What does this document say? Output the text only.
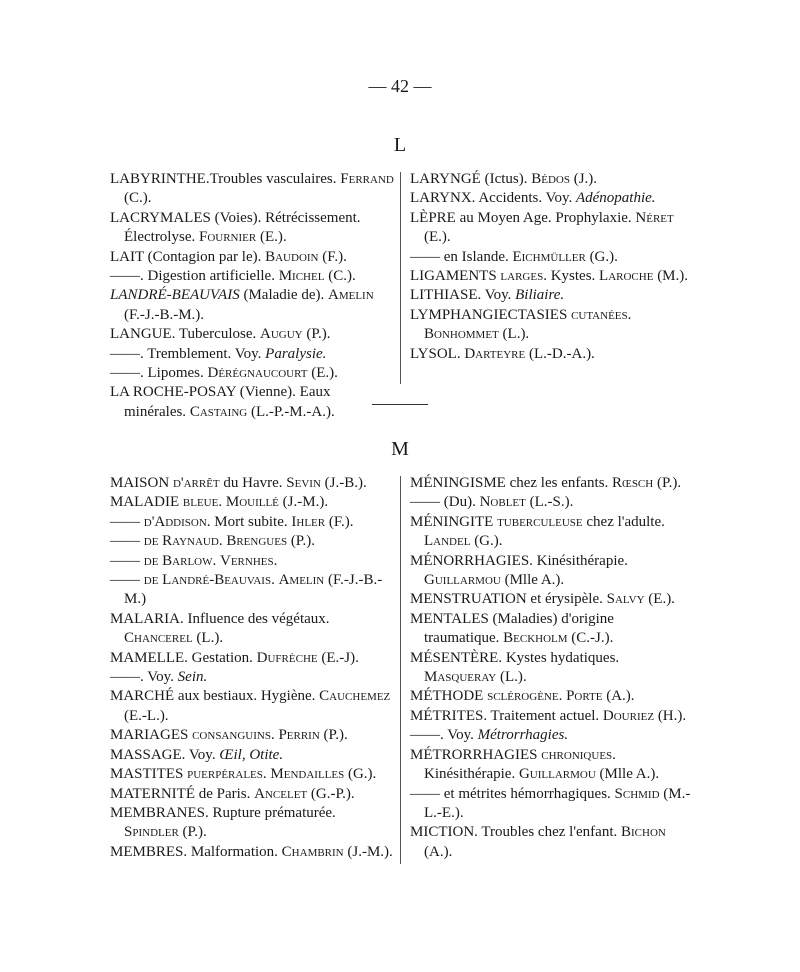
— 42 —
L
LABYRINTHE.Troubles vasculaires. Ferrand (C.).
LACRYMALES (Voies). Rétrécissement. Électrolyse. Fournier (E.).
LAIT (Contagion par le). Baudoin (F.).
——. Digestion artificielle. Michel (C.).
LANDRÉ-BEAUVAIS (Maladie de). Amelin (F.-J.-B.-M.).
LANGUE. Tuberculose. Auguy (P.).
——. Tremblement. Voy. Paralysie.
——. Lipomes. Dérégnaucourt (E.).
LA ROCHE-POSAY (Vienne). Eaux minérales. Castaing (L.-P.-M.-A.).
LARYNGÉ (Ictus). Bédos (J.).
LARYNX. Accidents. Voy. Adénopathie.
LÈPRE au Moyen Age. Prophylaxie. Néret (E.).
—— en Islande. Eichmüller (G.).
LIGAMENTS larges. Kystes. Laroche (M.).
LITHIASE. Voy. Biliaire.
LYMPHANGIECTASIES cutanées. Bonhommet (L.).
LYSOL. Darteyre (L.-D.-A.).
M
MAISON d'arrêt du Havre. Sevin (J.-B.).
MALADIE bleue. Mouillé (J.-M.).
—— d'Addison. Mort subite. Ihler (F.).
—— de Raynaud. Brengues (P.).
—— de Barlow. Vernhes.
—— de Landré-Beauvais. Amelin (F.-J.-B.-M.)
MALARIA. Influence des végétaux. Chancerel (L.).
MAMELLE. Gestation. Dufrèche (E.-J).
——. Voy. Sein.
MARCHÉ aux bestiaux. Hygiène. Cauchemez (E.-L.).
MARIAGES consanguins. Perrin (P.).
MASSAGE. Voy. Œil, Otite.
MASTITES puerpérales. Mendailles (G.).
MATERNITÉ de Paris. Ancelet (G.-P.).
MEMBRANES. Rupture prématurée. Spindler (P.).
MEMBRES. Malformation. Chambrin (J.-M.).
MÉNINGISME chez les enfants. Rœsch (P.).
—— (Du). Noblet (L.-S.).
MÉNINGITE tuberculeuse chez l'adulte. Landel (G.).
MÉNORRHAGIES. Kinésithérapie. Guillarmou (Mlle A.).
MENSTRUATION et érysipèle. Salvy (E.).
MENTALES (Maladies) d'origine traumatique. Beckholm (C.-J.).
MÉSENTÈRE. Kystes hydatiques. Masqueray (L.).
MÉTHODE sclérogène. Porte (A.).
MÉTRITES. Traitement actuel. Douriez (H.).
——. Voy. Métrorrhagies.
MÉTRORRHAGIES chroniques. Kinésithérapie. Guillarmou (Mlle A.).
—— et métrites hémorrhagiques. Schmid (M.-L.-E.).
MICTION. Troubles chez l'enfant. Bichon (A.).
